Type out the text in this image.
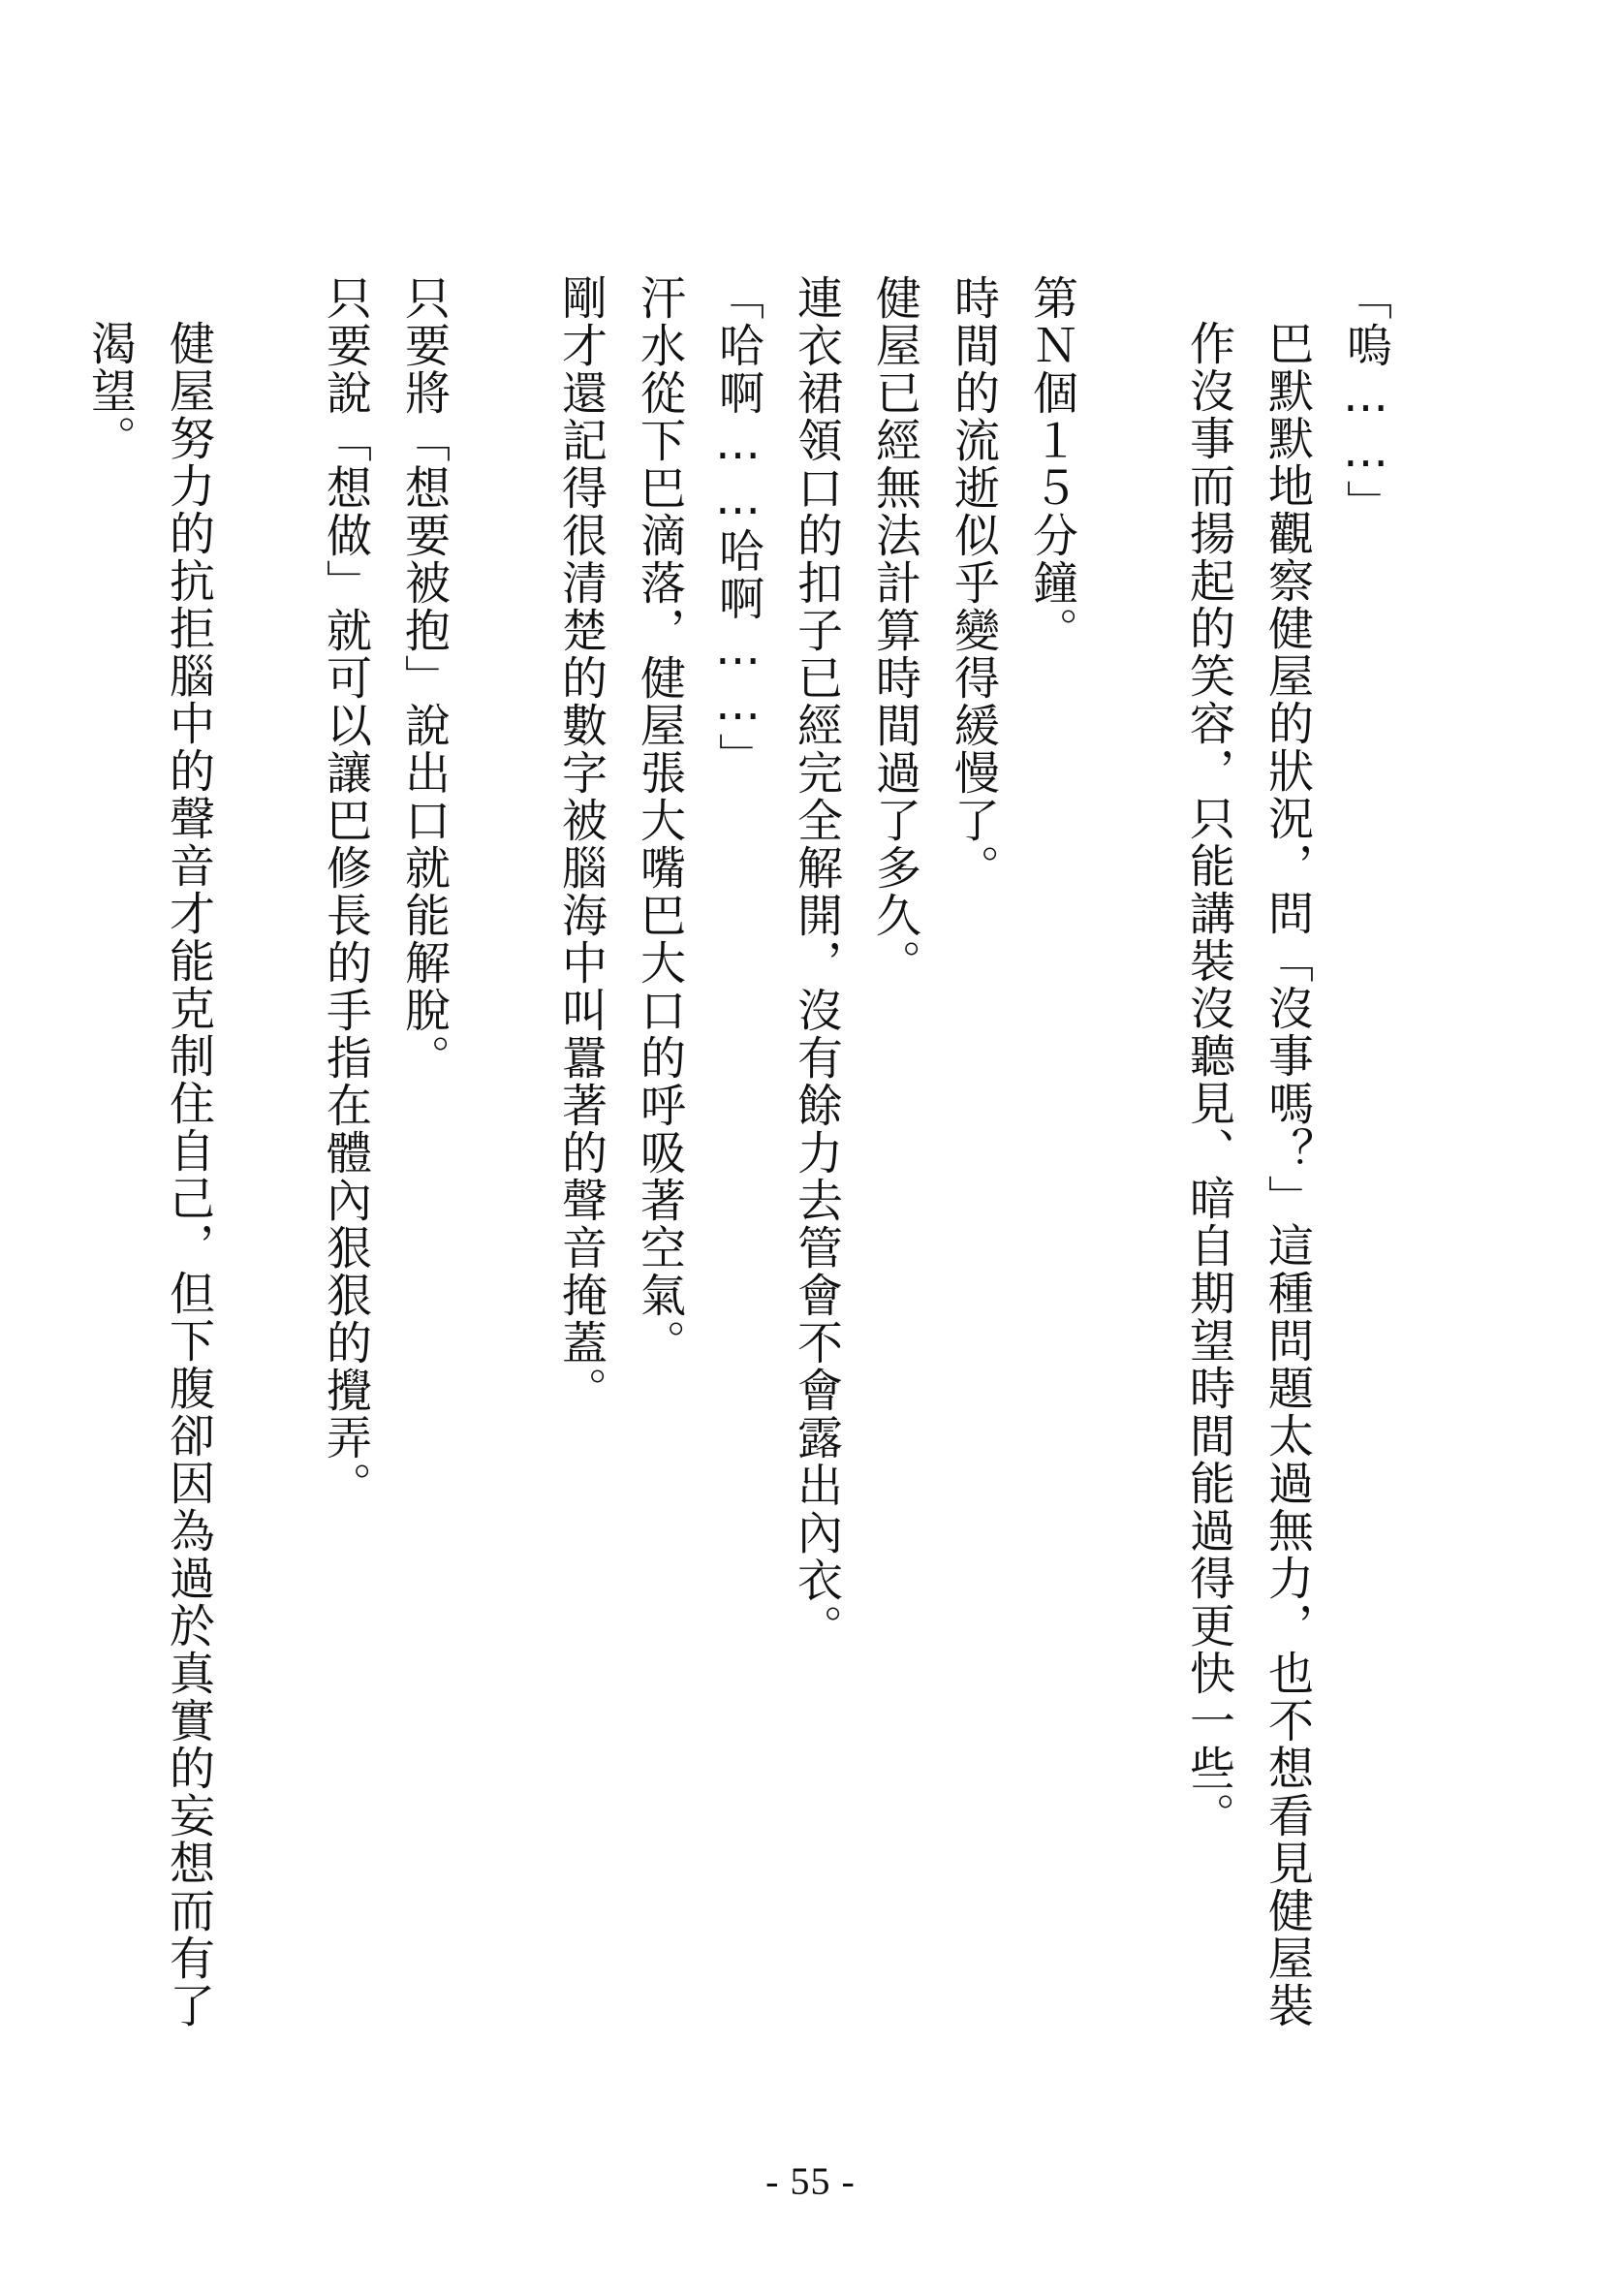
「嗚……」

巴默默地觀察健屋的狀況，問「沒事嗎？」這種問題太過無力，也不想看見健屋裝作沒事而揚起的笑容，只能講裝沒聽見、暗自期望時間能過得更快一些。

第Ｎ個１５分鐘。

時間的流逝似乎變得緩慢了。

健屋已經無法計算時間過了多久。

連衣裙領口的扣子已經完全解開，沒有餘力去管會不會露出內衣。

「哈啊……哈啊……」

汗水從下巴滴落，健屋張大嘴巴大口的呼吸著空氣。

剛才還記得很清楚的數字被腦海中叫囂著的聲音掩蓋。

只要將「想要被抱」說出口就能解脫。

只要說「想做」就可以讓巴修長的手指在體內狠狠的攪弄。

健屋努力的抗拒腦中的聲音才能克制住自己，但下腹卻因為過於真實的妄想而有了渴望。

- 55 -
